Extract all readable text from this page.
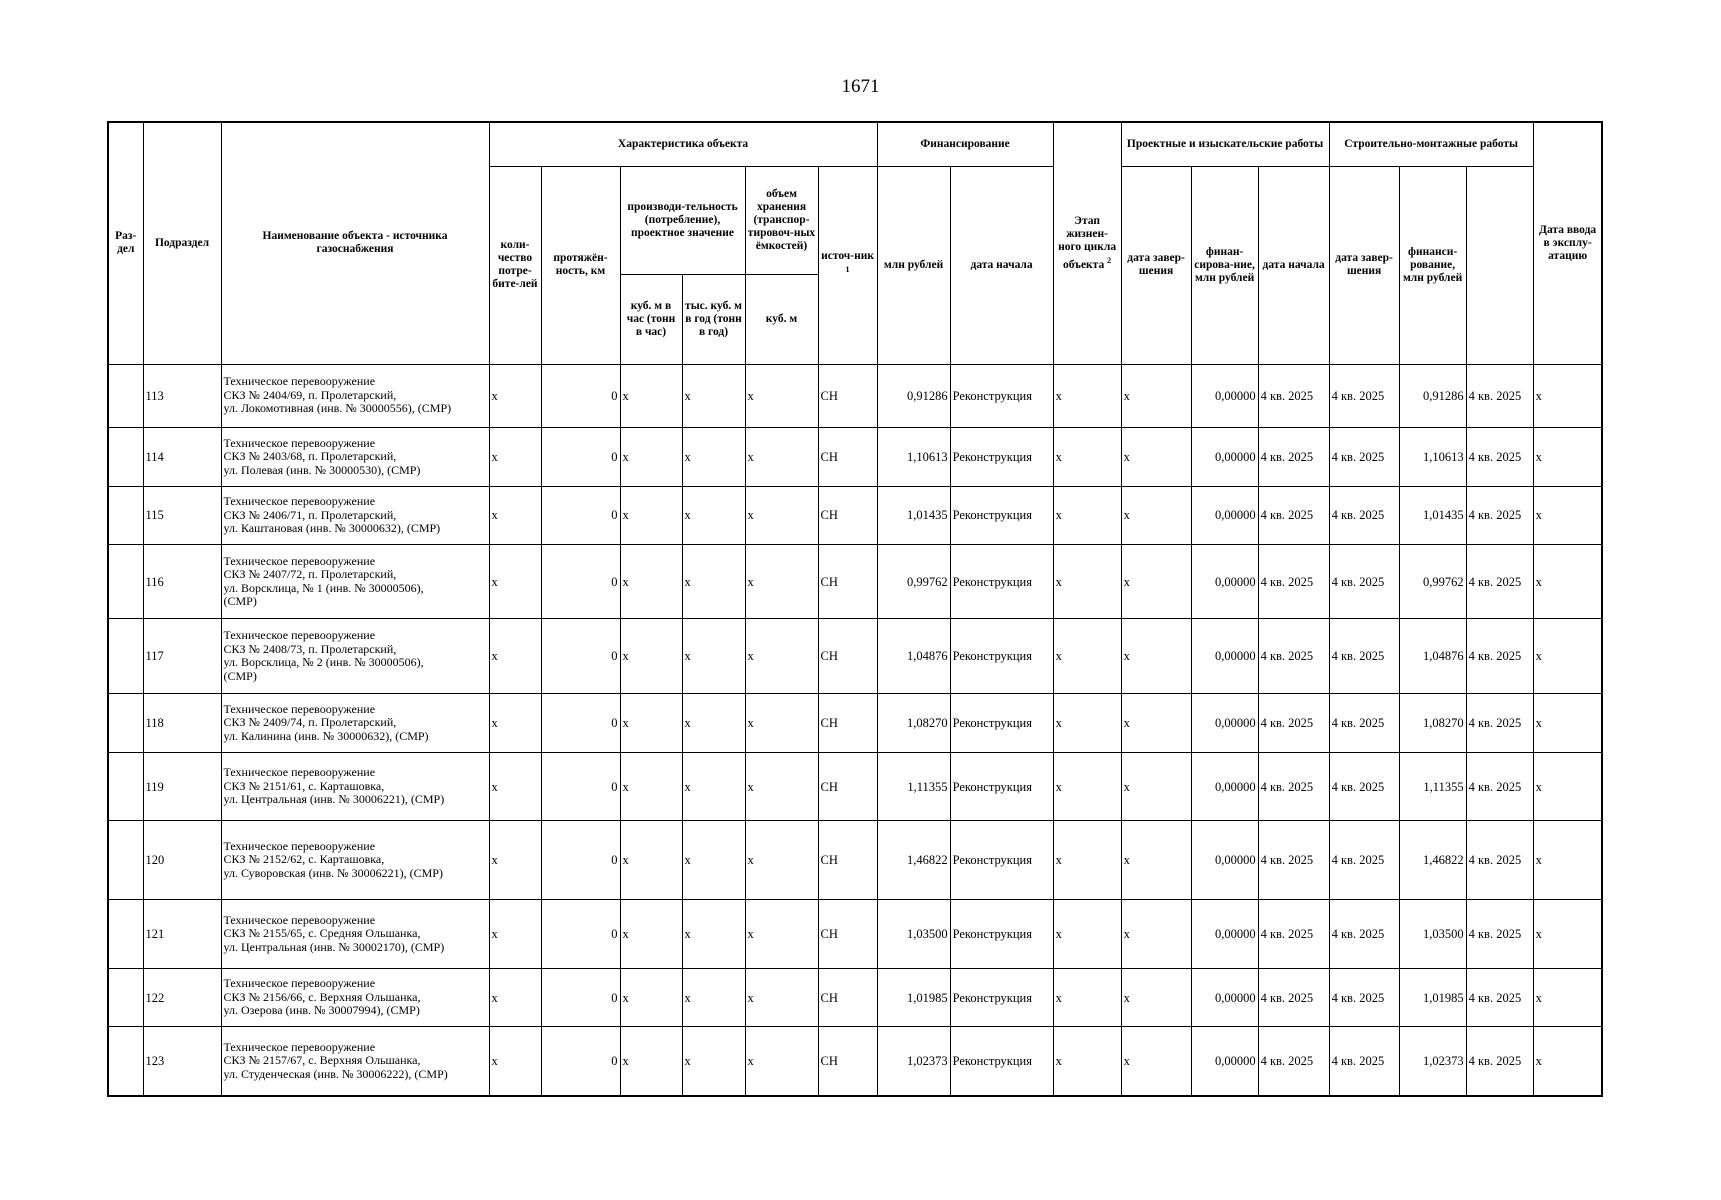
1671
Раз-дел	Подраздел	Наименование объекта - источника газоснабжения	Характеристика объекта						Финансирование		Этап жизнен-ного цикла объекта $^2$	Проектные и изыскательские работы			Строительно-монтажные работы			Дата ввода в эксплу-атацию	
			коли-чество потре-бите-лей	протяжён-ность, км	производи-тельность (потребление), проектное значение		объем хранения (транспор-тировоч-ных ёмкостей)	источ-ник $^1$	млн рублей	дата начала		дата завер-шения	финан-сирова-ние, млн рублей	дата начала	дата завер-шения	финанси-рование, млн рублей			
					куб. м в час (тонн в час)	тыс. куб. м в год (тонн в год)	куб. м												
	113	Техническое перевооружение
СКЗ № 2404/69, п. Пролетарский,
ул. Локомотивная (инв. № 30000556), (СМР)	х	0	х	х	х	СН	0,91286	Реконструкция	х	х	0,00000	4 кв. 2025	4 кв. 2025	0,91286	4 кв. 2025	х	
	114	Техническое перевооружение
СКЗ № 2403/68, п. Пролетарский,
ул. Полевая (инв. № 30000530), (СМР)	х	0	х	х	х	СН	1,10613	Реконструкция	х	х	0,00000	4 кв. 2025	4 кв. 2025	1,10613	4 кв. 2025	х	
	115	Техническое перевооружение
СКЗ № 2406/71, п. Пролетарский,
ул. Каштановая (инв. № 30000632), (СМР)	х	0	х	х	х	СН	1,01435	Реконструкция	х	х	0,00000	4 кв. 2025	4 кв. 2025	1,01435	4 кв. 2025	х	
	116	Техническое перевооружение
СКЗ № 2407/72, п. Пролетарский,
ул. Ворсклица, № 1 (инв. № 30000506),
(СМР)	х	0	х	х	х	СН	0,99762	Реконструкция	х	х	0,00000	4 кв. 2025	4 кв. 2025	0,99762	4 кв. 2025	х	
	117	Техническое перевооружение
СКЗ № 2408/73, п. Пролетарский,
ул. Ворсклица, № 2 (инв. № 30000506),
(СМР)	х	0	х	х	х	СН	1,04876	Реконструкция	х	х	0,00000	4 кв. 2025	4 кв. 2025	1,04876	4 кв. 2025	х	
	118	Техническое перевооружение
СКЗ № 2409/74, п. Пролетарский,
ул. Калинина (инв. № 30000632), (СМР)	х	0	х	х	х	СН	1,08270	Реконструкция	х	х	0,00000	4 кв. 2025	4 кв. 2025	1,08270	4 кв. 2025	х	
	119	Техническое перевооружение
СКЗ № 2151/61, с. Карташовка,
ул. Центральная (инв. № 30006221), (СМР)	х	0	х	х	х	СН	1,11355	Реконструкция	х	х	0,00000	4 кв. 2025	4 кв. 2025	1,11355	4 кв. 2025	х	
	120	Техническое перевооружение
СКЗ № 2152/62, с. Карташовка,
ул. Суворовская (инв. № 30006221), (СМР)	х	0	х	х	х	СН	1,46822	Реконструкция	х	х	0,00000	4 кв. 2025	4 кв. 2025	1,46822	4 кв. 2025	х	
	121	Техническое перевооружение
СКЗ № 2155/65, с. Средняя Ольшанка,
ул. Центральная (инв. № 30002170), (СМР)	х	0	х	х	х	СН	1,03500	Реконструкция	х	х	0,00000	4 кв. 2025	4 кв. 2025	1,03500	4 кв. 2025	х	
	122	Техническое перевооружение
СКЗ № 2156/66, с. Верхняя Ольшанка,
ул. Озерова (инв. № 30007994), (СМР)	х	0	х	х	х	СН	1,01985	Реконструкция	х	х	0,00000	4 кв. 2025	4 кв. 2025	1,01985	4 кв. 2025	х	
	123	Техническое перевооружение
СКЗ № 2157/67, с. Верхняя Ольшанка,
ул. Студенческая (инв. № 30006222), (СМР)	х	0	х	х	х	СН	1,02373	Реконструкция	х	х	0,00000	4 кв. 2025	4 кв. 2025	1,02373	4 кв. 2025	х	
